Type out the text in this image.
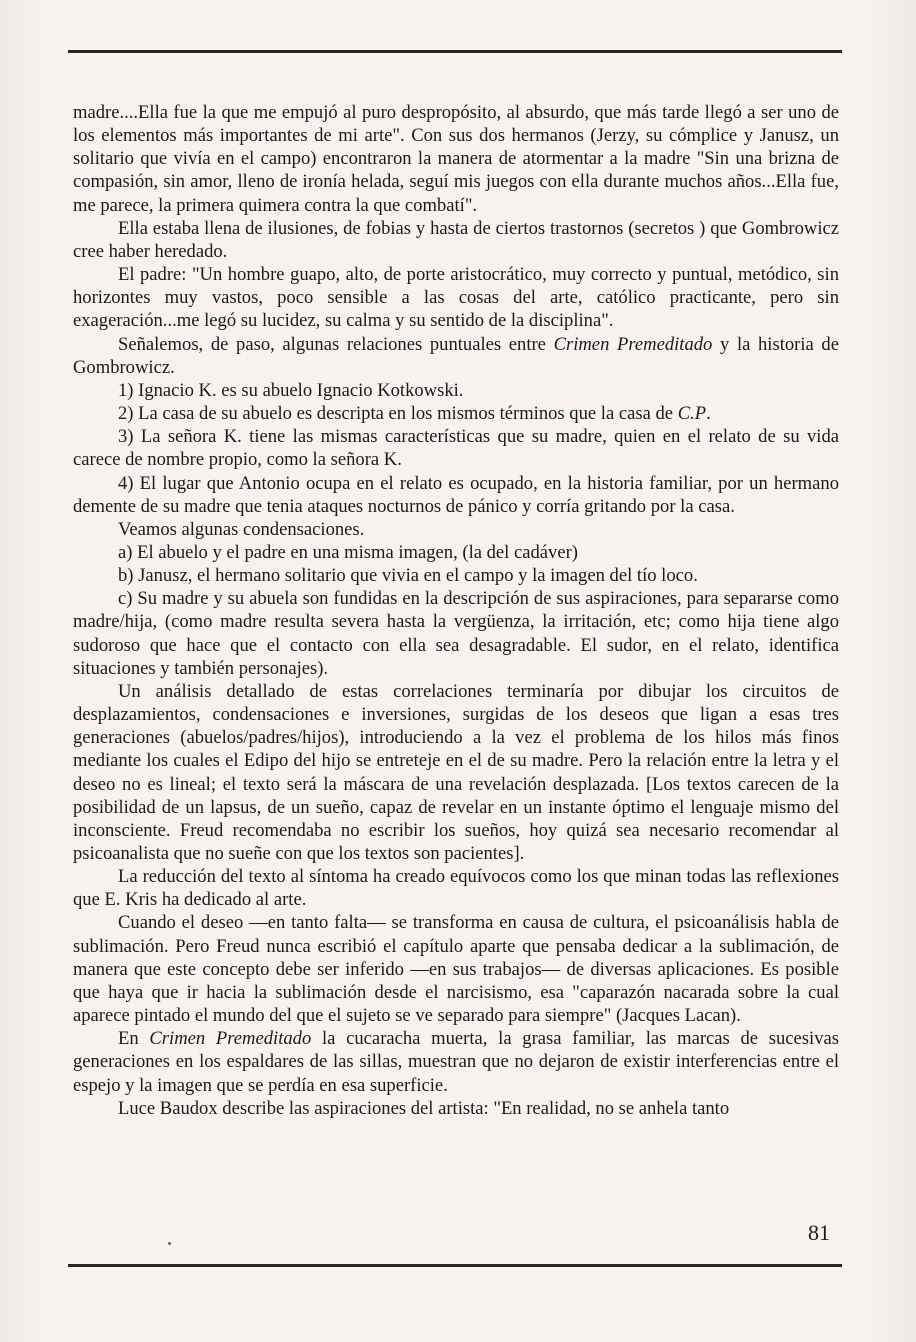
madre....Ella fue la que me empujó al puro despropósito, al absurdo, que más tarde llegó a ser uno de los elementos más importantes de mi arte". Con sus dos hermanos (Jerzy, su cómplice y Janusz, un solitario que vivía en el campo) encontraron la manera de atormentar a la madre "Sin una brizna de compasión, sin amor, lleno de ironía helada, seguí mis juegos con ella durante muchos años...Ella fue, me parece, la primera quimera contra la que combatí".

Ella estaba llena de ilusiones, de fobias y hasta de ciertos trastornos (secretos ) que Gombrowicz cree haber heredado.

El padre: "Un hombre guapo, alto, de porte aristocrático, muy correcto y puntual, metódico, sin horizontes muy vastos, poco sensible a las cosas del arte, católico practicante, pero sin exageración...me legó su lucidez, su calma y su sentido de la disciplina".

Señalemos, de paso, algunas relaciones puntuales entre Crimen Premeditado y la historia de Gombrowicz.

1) Ignacio K. es su abuelo Ignacio Kotkowski.

2) La casa de su abuelo es descripta en los mismos términos que la casa de C.P.

3) La señora K. tiene las mismas características que su madre, quien en el relato de su vida carece de nombre propio, como la señora K.

4) El lugar que Antonio ocupa en el relato es ocupado, en la historia familiar, por un hermano demente de su madre que tenia ataques nocturnos de pánico y corría gritando por la casa.

Veamos algunas condensaciones.

a) El abuelo y el padre en una misma imagen, (la del cadáver)

b) Janusz, el hermano solitario que vivia en el campo y la imagen del tío loco.

c) Su madre y su abuela son fundidas en la descripción de sus aspiraciones, para separarse como madre/hija, (como madre resulta severa hasta la vergüenza, la irritación, etc; como hija tiene algo sudoroso que hace que el contacto con ella sea desagradable. El sudor, en el relato, identifica situaciones y también personajes).

Un análisis detallado de estas correlaciones terminaría por dibujar los circuitos de desplazamientos, condensaciones e inversiones, surgidas de los deseos que ligan a esas tres generaciones (abuelos/padres/hijos), introduciendo a la vez el problema de los hilos más finos mediante los cuales el Edipo del hijo se entreteje en el de su madre. Pero la relación entre la letra y el deseo no es lineal; el texto será la máscara de una revelación desplazada. [Los textos carecen de la posibilidad de un lapsus, de un sueño, capaz de revelar en un instante óptimo el lenguaje mismo del inconsciente. Freud recomendaba no escribir los sueños, hoy quizá sea necesario recomendar al psicoanalista que no sueñe con que los textos son pacientes].

La reducción del texto al síntoma ha creado equívocos como los que minan todas las reflexiones que E. Kris ha dedicado al arte.

Cuando el deseo —en tanto falta— se transforma en causa de cultura, el psicoanálisis habla de sublimación. Pero Freud nunca escribió el capítulo aparte que pensaba dedicar a la sublimación, de manera que este concepto debe ser inferido —en sus trabajos— de diversas aplicaciones. Es posible que haya que ir hacia la sublimación desde el narcisismo, esa "caparazón nacarada sobre la cual aparece pintado el mundo del que el sujeto se ve separado para siempre" (Jacques Lacan).

En Crimen Premeditado la cucaracha muerta, la grasa familiar, las marcas de sucesivas generaciones en los espaldares de las sillas, muestran que no dejaron de existir interferencias entre el espejo y la imagen que se perdía en esa superficie.

Luce Baudox describe las aspiraciones del artista: "En realidad, no se anhela tanto

81
